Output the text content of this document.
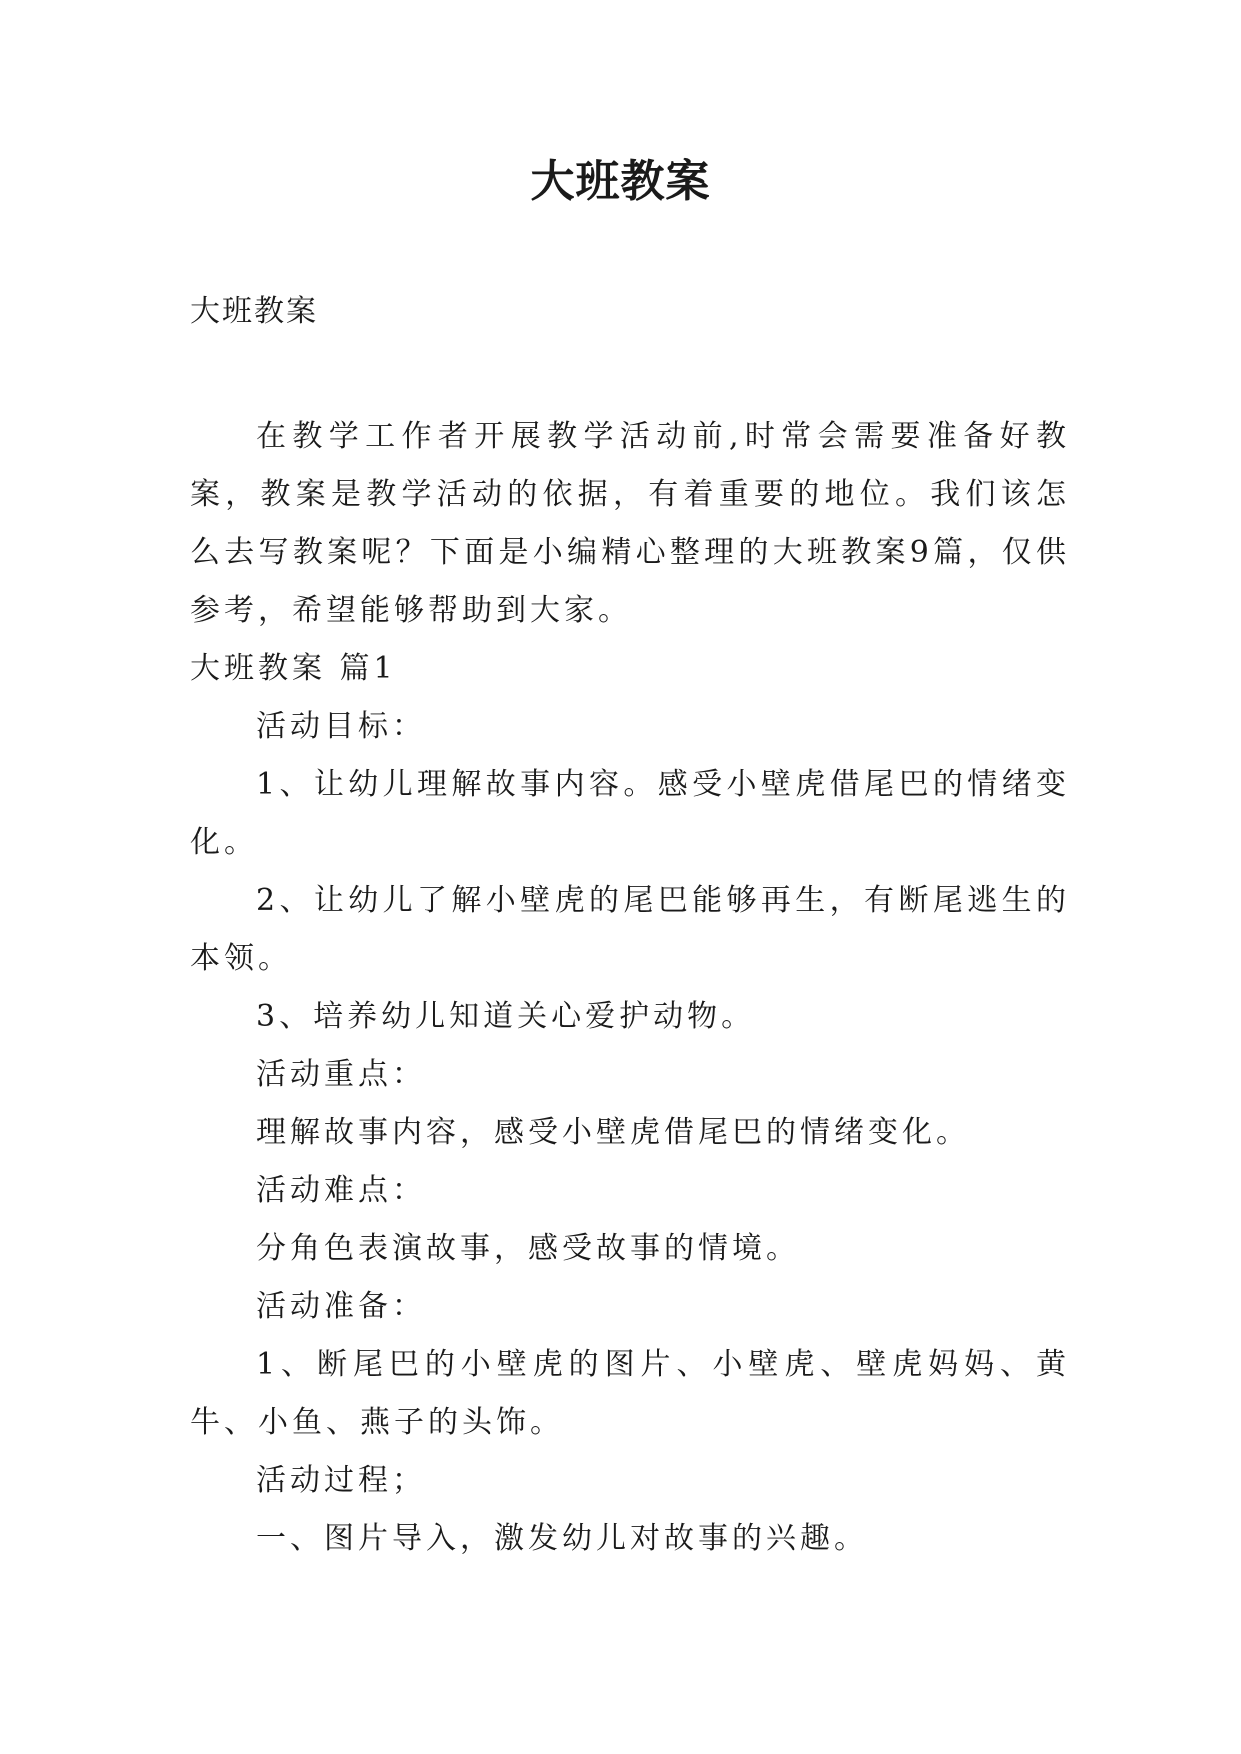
大班教案
大班教案

在教学工作者开展教学活动前,时常会需要准备好教案，教案是教学活动的依据，有着重要的地位。我们该怎么去写教案呢？下面是小编精心整理的大班教案9篇，仅供参考，希望能够帮助到大家。

大班教案 篇1

活动目标：

1、让幼儿理解故事内容。感受小壁虎借尾巴的情绪变化。

2、让幼儿了解小壁虎的尾巴能够再生，有断尾逃生的本领。

3、培养幼儿知道关心爱护动物。

活动重点：

理解故事内容，感受小壁虎借尾巴的情绪变化。

活动难点：

分角色表演故事，感受故事的情境。

活动准备：

1、断尾巴的小壁虎的图片、小壁虎、壁虎妈妈、黄牛、小鱼、燕子的头饰。

活动过程；

一、图片导入，激发幼儿对故事的兴趣。
